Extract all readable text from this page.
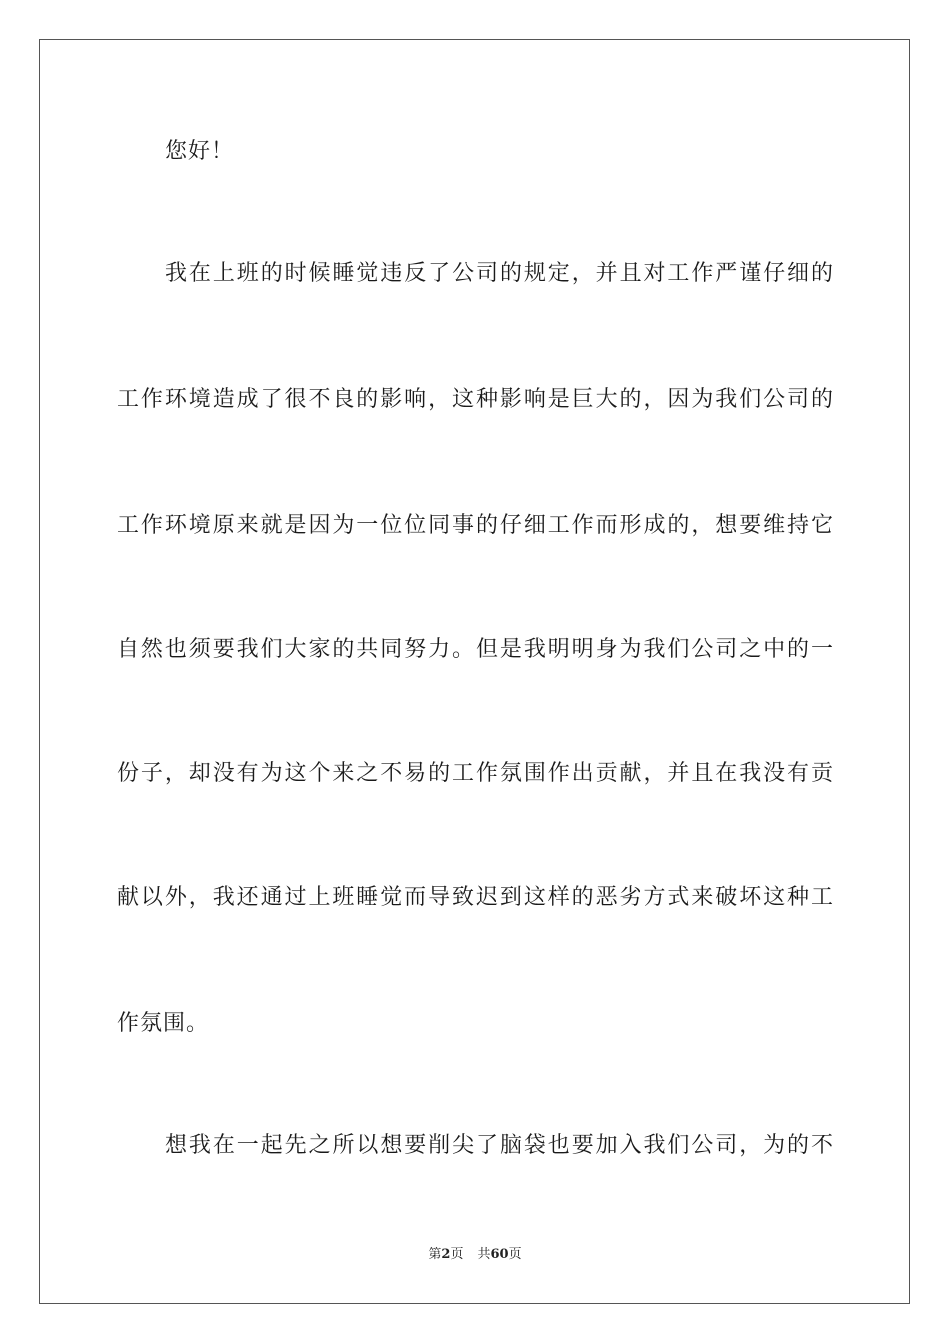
您好！
我在上班的时候睡觉违反了公司的规定，并且对工作严谨仔细的
工作环境造成了很不良的影响，这种影响是巨大的，因为我们公司的
工作环境原来就是因为一位位同事的仔细工作而形成的，想要维持它
自然也须要我们大家的共同努力。但是我明明身为我们公司之中的一
份子，却没有为这个来之不易的工作氛围作出贡献，并且在我没有贡
献以外，我还通过上班睡觉而导致迟到这样的恶劣方式来破坏这种工
作氛围。
想我在一起先之所以想要削尖了脑袋也要加入我们公司，为的不
第2页 共60页
